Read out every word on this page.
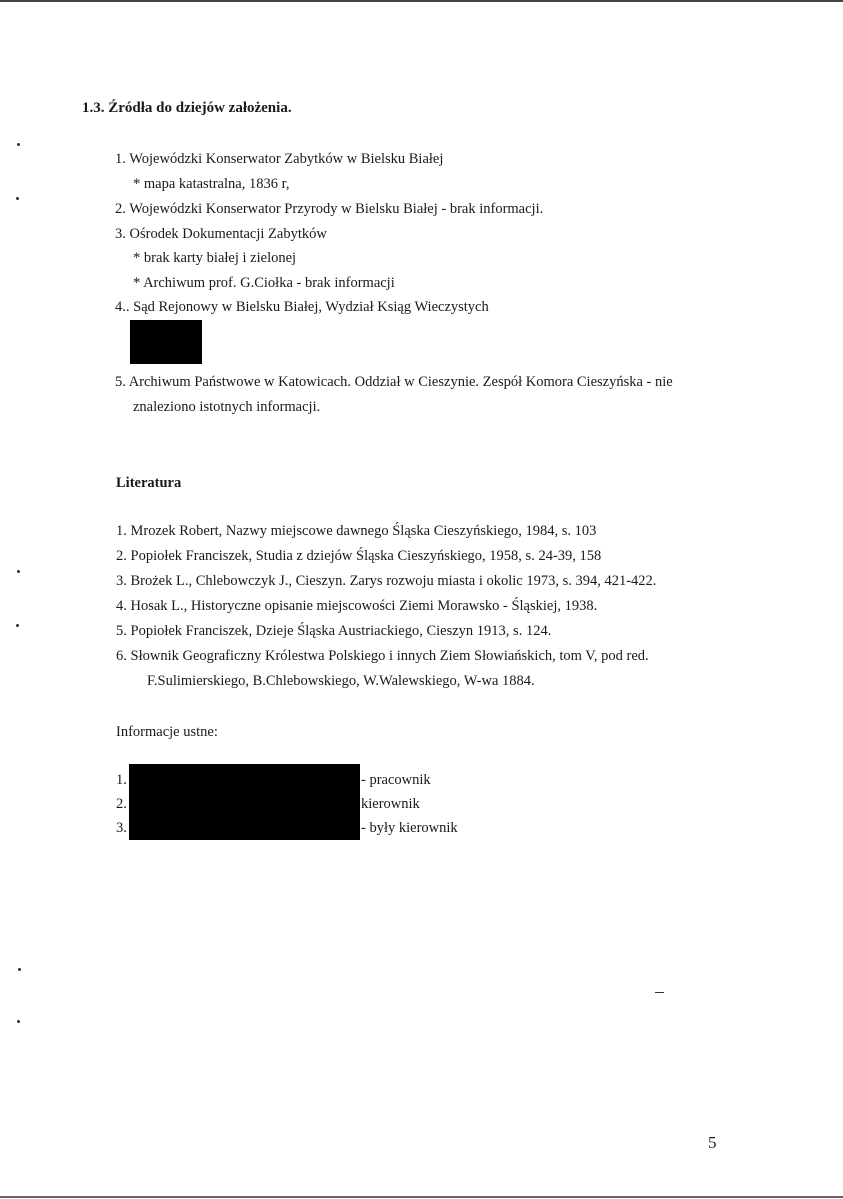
1.3. Źródła do dziejów założenia.
1. Wojewódzki Konserwator Zabytków w Bielsku Białej
* mapa katastralna, 1836 r,
2. Wojewódzki Konserwator Przyrody w Bielsku Białej - brak informacji.
3. Ośrodek Dokumentacji Zabytków
* brak karty białej i zielonej
* Archiwum prof. G.Ciołka - brak informacji
4.. Sąd Rejonowy w Bielsku Białej, Wydział Ksiąg Wieczystych
5. Archiwum Państwowe w Katowicach. Oddział w Cieszynie. Zespół Komora Cieszyńska - nie
znaleziono istotnych informacji.
Literatura
1. Mrozek Robert, Nazwy miejscowe dawnego Śląska Cieszyńskiego, 1984, s. 103
2. Popiołek Franciszek, Studia z dziejów Śląska Cieszyńskiego, 1958, s. 24-39, 158
3. Brożek L., Chlebowczyk J., Cieszyn. Zarys rozwoju miasta i okolic 1973, s. 394, 421-422.
4. Hosak L., Historyczne opisanie miejscowości Ziemi Morawsko - Śląskiej, 1938.
5. Popiołek Franciszek, Dzieje Śląska Austriackiego, Cieszyn 1913, s. 124.
6. Słownik Geograficzny Królestwa Polskiego i innych Ziem Słowiańskich, tom V, pod red.
F.Sulimierskiego, B.Chlebowskiego, W.Walewskiego, W-wa 1884.
Informacje ustne:
1.
2.
3.
- pracownik
kierownik
- były kierownik
5
